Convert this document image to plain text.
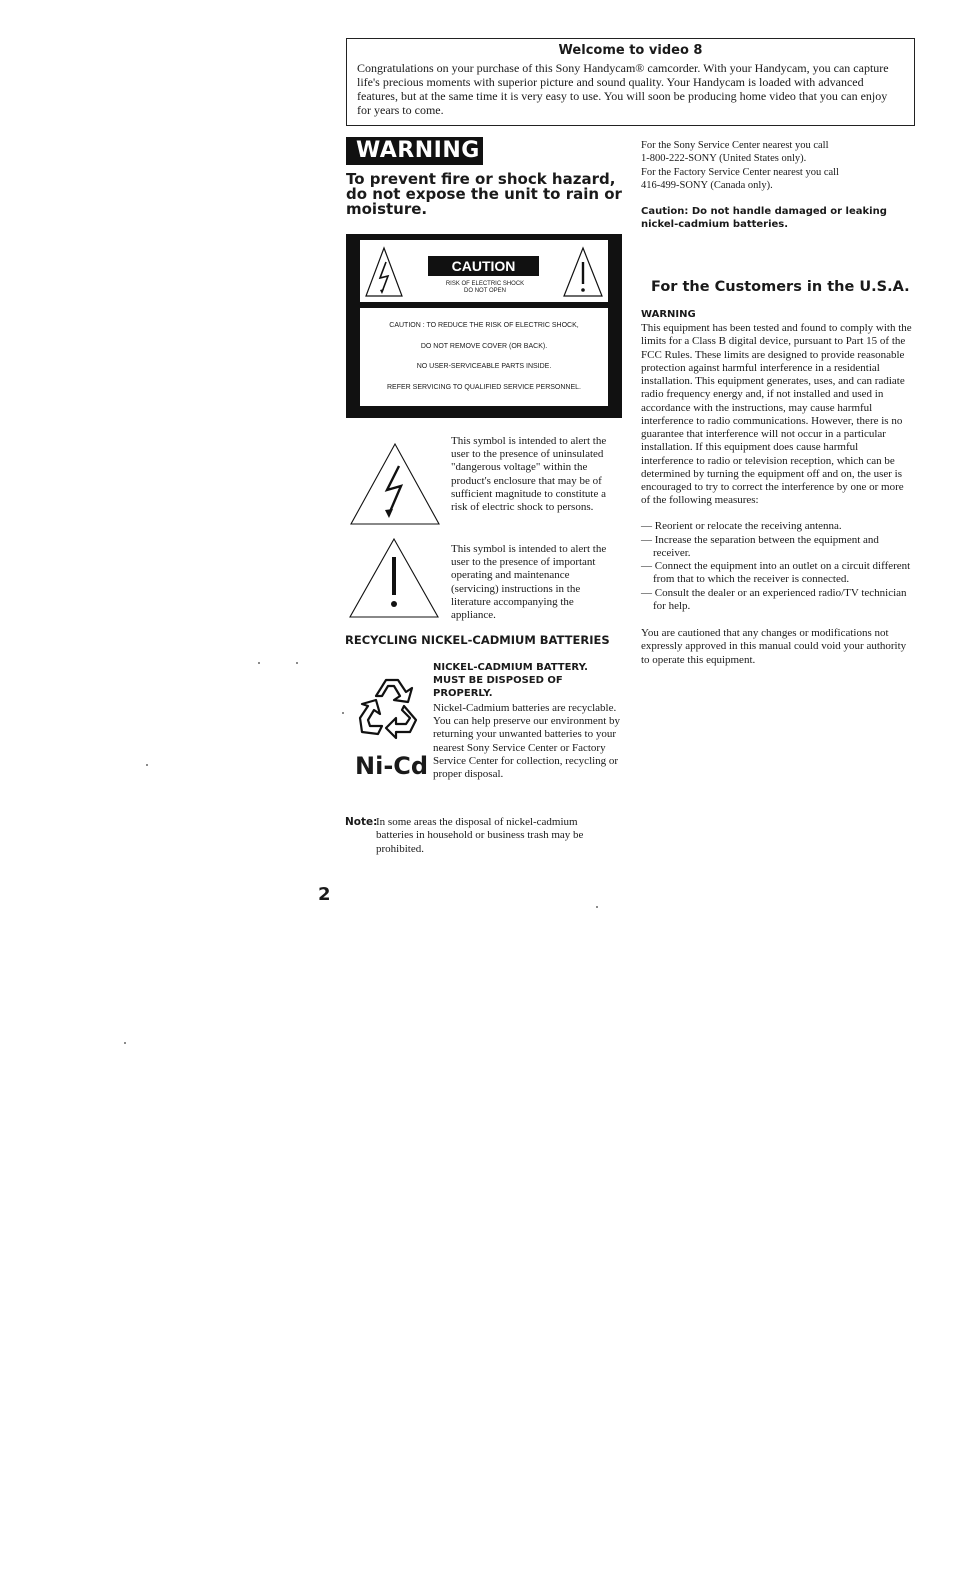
Welcome to video 8
Congratulations on your purchase of this Sony Handycam® camcorder. With your Handycam, you can capture life's precious moments with superior picture and sound quality. Your Handycam is loaded with advanced features, but at the same time it is very easy to use. You will soon be producing home video that you can enjoy for years to come.
WARNING
To prevent fire or shock hazard, do not expose the unit to rain or moisture.
CAUTION
RISK OF ELECTRIC SHOCK
DO NOT OPEN
CAUTION : TO REDUCE THE RISK OF ELECTRIC SHOCK,
DO NOT REMOVE COVER (OR BACK).
NO USER-SERVICEABLE PARTS INSIDE.
REFER SERVICING TO QUALIFIED SERVICE PERSONNEL.
This symbol is intended to alert the user to the presence of uninsulated "dangerous voltage" within the product's enclosure that may be of sufficient magnitude to constitute a risk of electric shock to persons.
This symbol is intended to alert the user to the presence of important operating and maintenance (servicing) instructions in the literature accompanying the appliance.
RECYCLING NICKEL-CADMIUM BATTERIES
NICKEL-CADMIUM BATTERY.
MUST BE DISPOSED OF PROPERLY.
Nickel-Cadmium batteries are recyclable. You can help preserve our environment by returning your unwanted batteries to your nearest Sony Service Center or Factory Service Center for collection, recycling or proper disposal.
Ni-Cd
Note:
In some areas the disposal of nickel-cadmium batteries in household or business trash may be prohibited.
2
For the Sony Service Center nearest you call
1-800-222-SONY (United States only).
For the Factory Service Center nearest you call
416-499-SONY (Canada only).
Caution: Do not handle damaged or leaking nickel-cadmium batteries.
For the Customers in the U.S.A.
WARNING
This equipment has been tested and found to comply with the limits for a Class B digital device, pursuant to Part 15 of the FCC Rules. These limits are designed to provide reasonable protection against harmful interference in a residential installation. This equipment generates, uses, and can radiate radio frequency energy and, if not installed and used in accordance with the instructions, may cause harmful interference to radio communications. However, there is no guarantee that interference will not occur in a particular installation. If this equipment does cause harmful interference to radio or television reception, which can be determined by turning the equipment off and on, the user is encouraged to try to correct the interference by one or more of the following measures:
— Reorient or relocate the receiving antenna.
— Increase the separation between the equipment and receiver.
— Connect the equipment into an outlet on a circuit different from that to which the receiver is connected.
— Consult the dealer or an experienced radio/TV technician for help.
You are cautioned that any changes or modifications not expressly approved in this manual could void your authority to operate this equipment.
